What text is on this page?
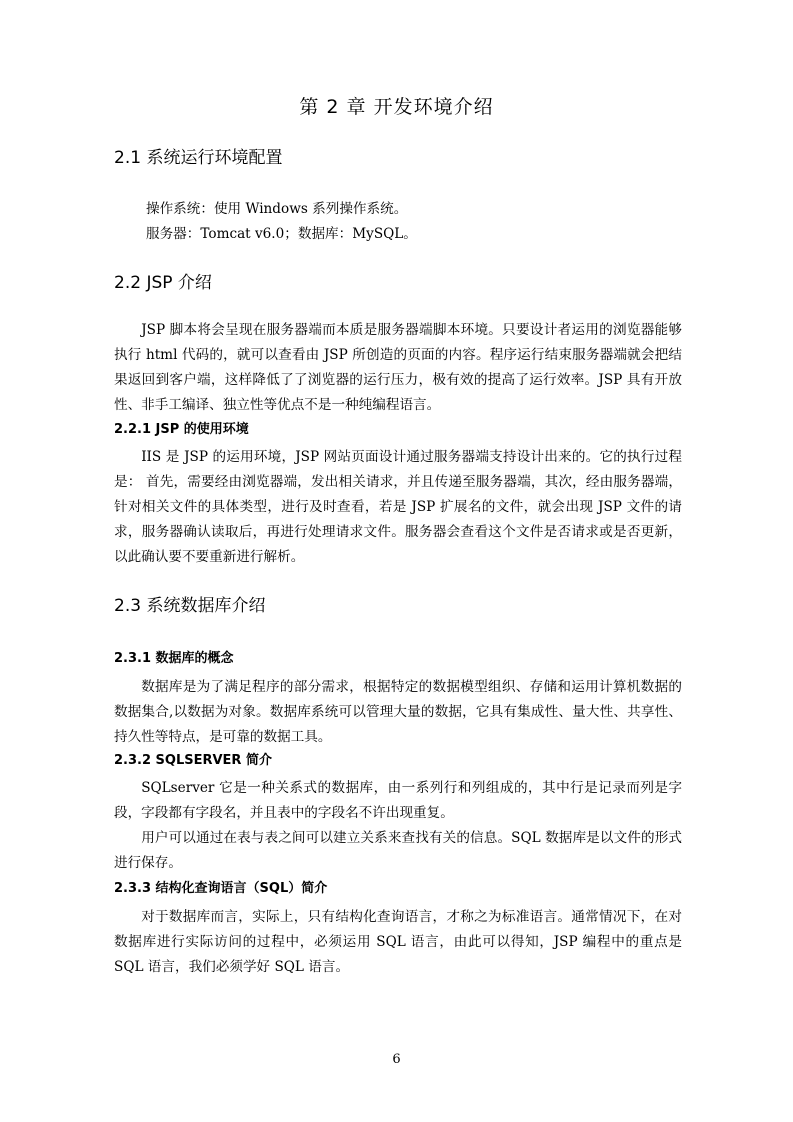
第 2 章 开发环境介绍
2.1 系统运行环境配置
操作系统：使用 Windows 系列操作系统。
服务器：Tomcat v6.0；数据库：MySQL。
2.2 JSP 介绍

JSP 脚本将会呈现在服务器端而本质是服务器端脚本环境。只要设计者运用的浏览器能够执行 html 代码的，就可以查看由 JSP 所创造的页面的内容。程序运行结束服务器端就会把结果返回到客户端，这样降低了了浏览器的运行压力，极有效的提高了运行效率。JSP 具有开放性、非手工编译、独立性等优点不是一种纯编程语言。

2.2.1 JSP 的使用环境

IIS 是 JSP 的运用环境，JSP 网站页面设计通过服务器端支持设计出来的。它的执行过程是： 首先，需要经由浏览器端，发出相关请求，并且传递至服务器端，其次，经由服务器端，针对相关文件的具体类型，进行及时查看，若是 JSP 扩展名的文件，就会出现 JSP 文件的请求，服务器确认读取后，再进行处理请求文件。服务器会查看这个文件是否请求或是否更新，以此确认要不要重新进行解析。

2.3 系统数据库介绍
2.3.1 数据库的概念

数据库是为了满足程序的部分需求，根据特定的数据模型组织、存储和运用计算机数据的数据集合,以数据为对象。数据库系统可以管理大量的数据，它具有集成性、量大性、共享性、持久性等特点，是可靠的数据工具。

2.3.2 SQLSERVER 简介

SQLserver 它是一种关系式的数据库，由一系列行和列组成的，其中行是记录而列是字段，字段都有字段名，并且表中的字段名不许出现重复。

用户可以通过在表与表之间可以建立关系来查找有关的信息。SQL 数据库是以文件的形式进行保存。

2.3.3 结构化查询语言（SQL）简介

对于数据库而言，实际上，只有结构化查询语言，才称之为标准语言。通常情况下，在对数据库进行实际访问的过程中，必须运用 SQL 语言，由此可以得知，JSP 编程中的重点是 SQL 语言，我们必须学好 SQL 语言。

6
